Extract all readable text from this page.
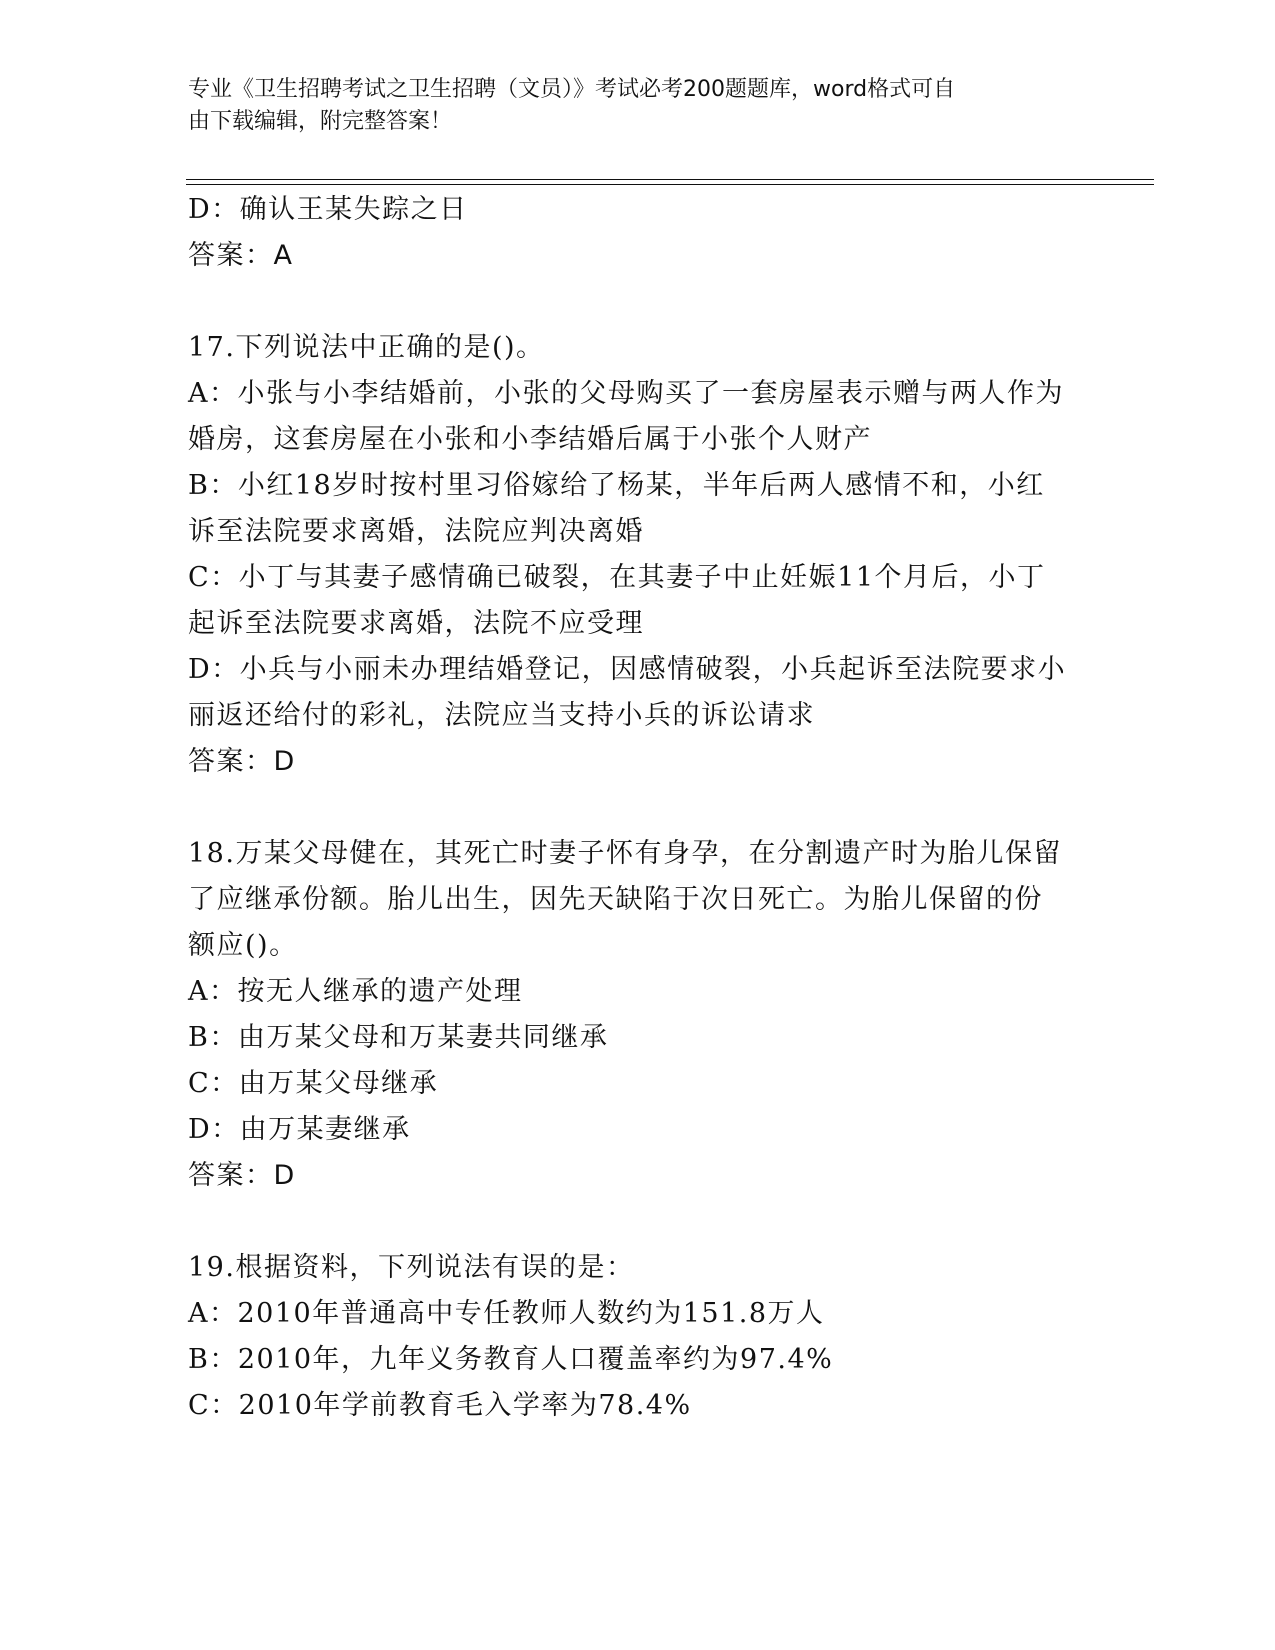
专业《卫生招聘考试之卫生招聘（文员）》考试必考200题题库，word格式可自
由下载编辑，附完整答案！
D：确认王某失踪之日
答案：A
17.下列说法中正确的是()。
A：小张与小李结婚前，小张的父母购买了一套房屋表示赠与两人作为
婚房，这套房屋在小张和小李结婚后属于小张个人财产
B：小红18岁时按村里习俗嫁给了杨某，半年后两人感情不和，小红
诉至法院要求离婚，法院应判决离婚
C：小丁与其妻子感情确已破裂，在其妻子中止妊娠11个月后，小丁
起诉至法院要求离婚，法院不应受理
D：小兵与小丽未办理结婚登记，因感情破裂，小兵起诉至法院要求小
丽返还给付的彩礼，法院应当支持小兵的诉讼请求
答案：D
18.万某父母健在，其死亡时妻子怀有身孕，在分割遗产时为胎儿保留
了应继承份额。胎儿出生，因先天缺陷于次日死亡。为胎儿保留的份
额应()。
A：按无人继承的遗产处理
B：由万某父母和万某妻共同继承
C：由万某父母继承
D：由万某妻继承
答案：D
19.根据资料，下列说法有误的是：
A：2010年普通高中专任教师人数约为151.8万人
B：2010年，九年义务教育人口覆盖率约为97.4%
C：2010年学前教育毛入学率为78.4%
